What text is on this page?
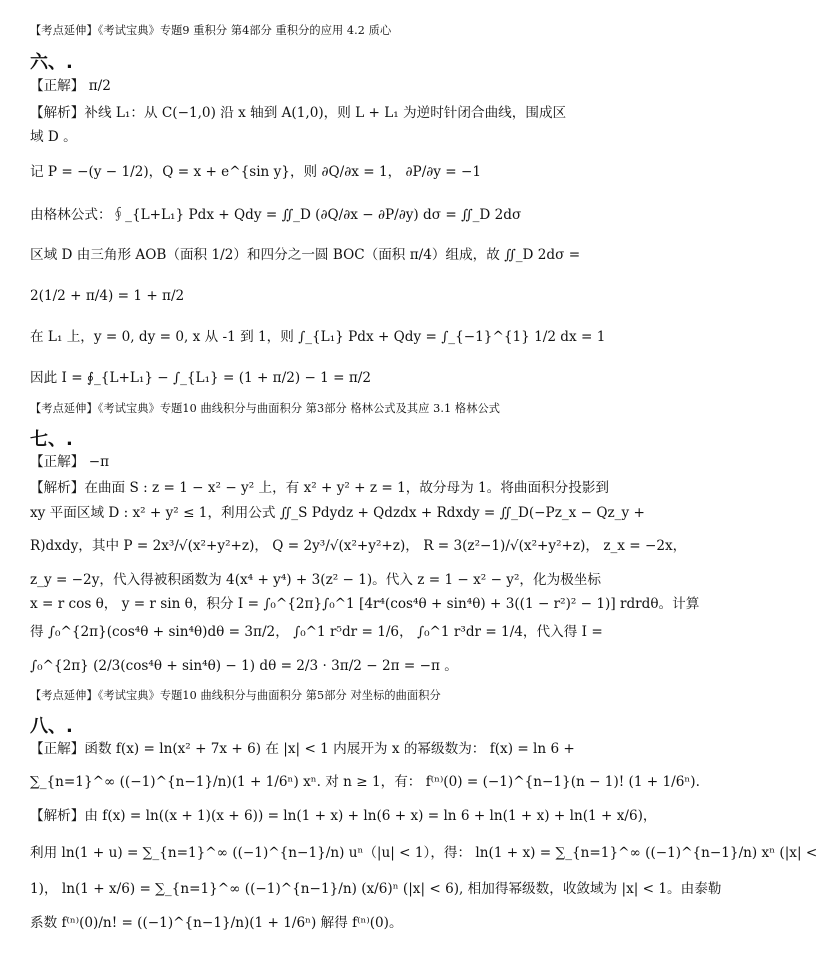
【考点延伸】《考试宝典》专题9 重积分 第4部分 重积分的应用 4.2 质心
六、.
【正解】 π/2
【解析】补线 L₁：从 C(−1,0) 沿 x 轴到 A(1,0)，则 L + L₁ 为逆时针闭合曲线，围成区
域 D 。
记 P = −(y − 1/2)，Q = x + e^{sin y}，则 ∂Q/∂x = 1， ∂P/∂y = −1
由格林公式：∮_{L+L₁} Pdx + Qdy = ∬_D (∂Q/∂x − ∂P/∂y) dσ = ∬_D 2dσ
区域 D 由三角形 AOB（面积 1/2）和四分之一圆 BOC（面积 π/4）组成，故 ∬_D 2dσ =
2(1/2 + π/4) = 1 + π/2
在 L₁ 上，y = 0, dy = 0, x 从 -1 到 1，则 ∫_{L₁} Pdx + Qdy = ∫_{−1}^{1} 1/2 dx = 1
因此 I = ∮_{L+L₁} − ∫_{L₁} = (1 + π/2) − 1 = π/2
【考点延伸】《考试宝典》专题10 曲线积分与曲面积分 第3部分 格林公式及其应 3.1 格林公式
七、.
【正解】 −π
【解析】在曲面 S : z = 1 − x² − y² 上，有 x² + y² + z = 1，故分母为 1。将曲面积分投影到
xy 平面区域 D : x² + y² ≤ 1，利用公式 ∬_S Pdydz + Qdzdx + Rdxdy = ∬_D(−Pz_x − Qz_y +
R)dxdy，其中 P = 2x³/√(x²+y²+z)， Q = 2y³/√(x²+y²+z)， R = 3(z²−1)/√(x²+y²+z)， z_x = −2x，
z_y = −2y，代入得被积函数为 4(x⁴ + y⁴) + 3(z² − 1)。代入 z = 1 − x² − y²，化为极坐标
x = r cos θ， y = r sin θ，积分 I = ∫₀^{2π}∫₀^1 [4r⁴(cos⁴θ + sin⁴θ) + 3((1 − r²)² − 1)] rdrdθ。计算
得 ∫₀^{2π}(cos⁴θ + sin⁴θ)dθ = 3π/2， ∫₀^1 r⁵dr = 1/6， ∫₀^1 r³dr = 1/4，代入得 I =
∫₀^{2π} (2/3(cos⁴θ + sin⁴θ) − 1) dθ = 2/3 · 3π/2 − 2π = −π 。
【考点延伸】《考试宝典》专题10 曲线积分与曲面积分 第5部分 对坐标的曲面积分
八、.
【正解】函数 f(x) = ln(x² + 7x + 6) 在 |x| < 1 内展开为 x 的幂级数为： f(x) = ln 6 +
∑_{n=1}^∞ ((−1)^{n−1}/n)(1 + 1/6ⁿ) xⁿ. 对 n ≥ 1，有： f⁽ⁿ⁾(0) = (−1)^{n−1}(n − 1)! (1 + 1/6ⁿ).
【解析】由 f(x) = ln((x + 1)(x + 6)) = ln(1 + x) + ln(6 + x) = ln 6 + ln(1 + x) + ln(1 + x/6)，
利用 ln(1 + u) = ∑_{n=1}^∞ ((−1)^{n−1}/n) uⁿ（|u| < 1），得： ln(1 + x) = ∑_{n=1}^∞ ((−1)^{n−1}/n) xⁿ (|x| <
1)， ln(1 + x/6) = ∑_{n=1}^∞ ((−1)^{n−1}/n) (x/6)ⁿ (|x| < 6), 相加得幂级数，收敛域为 |x| < 1。由泰勒
系数 f⁽ⁿ⁾(0)/n! = ((−1)^{n−1}/n)(1 + 1/6ⁿ) 解得 f⁽ⁿ⁾(0)。
